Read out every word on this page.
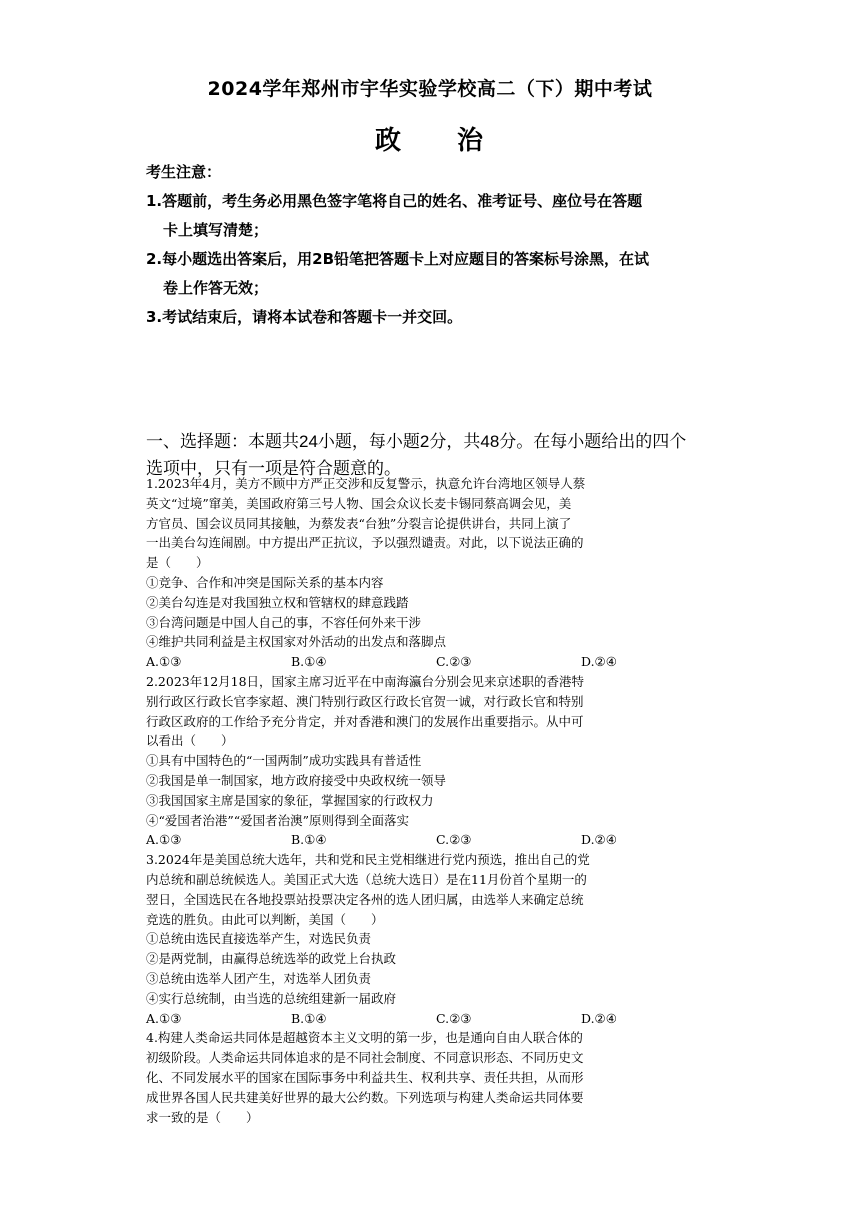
2024学年郑州市宇华实验学校高二（下）期中考试
政 治
考生注意：
1.答题前，考生务必用黑色签字笔将自己的姓名、准考证号、座位号在答题
卡上填写清楚；
2.每小题选出答案后，用2B铅笔把答题卡上对应题目的答案标号涂黑，在试
卷上作答无效；
3.考试结束后，请将本试卷和答题卡一并交回。
一、选择题：本题共24小题，每小题2分，共48分。在每小题给出的四个
选项中，只有一项是符合题意的。
1.2023年4月，美方不顾中方严正交涉和反复警示，执意允许台湾地区领导人蔡
英文“过境”窜美，美国政府第三号人物、国会众议长麦卡锡同蔡高调会见，美
方官员、国会议员同其接触，为蔡发表“台独”分裂言论提供讲台，共同上演了
一出美台勾连闹剧。中方提出严正抗议，予以强烈谴责。对此，以下说法正确的
是（　　）
①竞争、合作和冲突是国际关系的基本内容
②美台勾连是对我国独立权和管辖权的肆意践踏
③台湾问题是中国人自己的事，不容任何外来干涉
④维护共同利益是主权国家对外活动的出发点和落脚点
A.①③	B.①④	C.②③	D.②④
2.2023年12月18日，国家主席习近平在中南海瀛台分别会见来京述职的香港特
别行政区行政长官李家超、澳门特别行政区行政长官贺一诚，对行政长官和特别
行政区政府的工作给予充分肯定，并对香港和澳门的发展作出重要指示。从中可
以看出（　　）
①具有中国特色的“一国两制”成功实践具有普适性
②我国是单一制国家，地方政府接受中央政权统一领导
③我国国家主席是国家的象征，掌握国家的行政权力
④“爱国者治港”“爱国者治澳”原则得到全面落实
A.①③	B.①④	C.②③	D.②④
3.2024年是美国总统大选年，共和党和民主党相继进行党内预选，推出自己的党
内总统和副总统候选人。美国正式大选（总统大选日）是在11月份首个星期一的
翌日，全国选民在各地投票站投票决定各州的选人团归属，由选举人来确定总统
竞选的胜负。由此可以判断，美国（　　）
①总统由选民直接选举产生，对选民负责
②是两党制，由赢得总统选举的政党上台执政
③总统由选举人团产生，对选举人团负责
④实行总统制，由当选的总统组建新一届政府
A.①③	B.①④	C.②③	D.②④
4.构建人类命运共同体是超越资本主义文明的第一步，也是通向自由人联合体的
初级阶段。人类命运共同体追求的是不同社会制度、不同意识形态、不同历史文
化、不同发展水平的国家在国际事务中利益共生、权利共享、责任共担，从而形
成世界各国人民共建美好世界的最大公约数。下列选项与构建人类命运共同体要
求一致的是（　　）
